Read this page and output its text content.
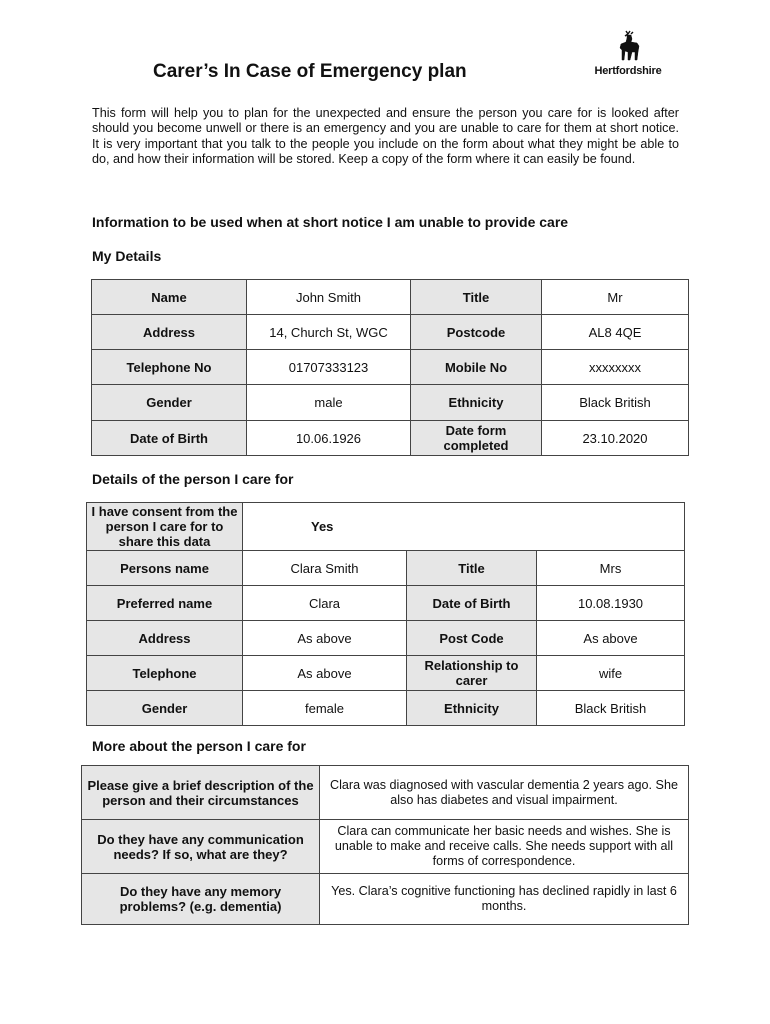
Carer’s In Case of Emergency plan	Hertfordshire
This form will help you to plan for the unexpected and ensure the person you care for is looked after should you become unwell or there is an emergency and you are unable to care for them at short notice. It is very important that you talk to the people you include on the form about what they might be able to do, and how their information will be stored. Keep a copy of the form where it can easily be found.
Information to be used when at short notice I am unable to provide care
My Details
Name	John Smith	Title	Mr
Address	14, Church St, WGC	Postcode	AL8 4QE
Telephone No	01707333123	Mobile No	xxxxxxxx
Gender	male	Ethnicity	Black British
Date of Birth	10.06.1926	Date form completed	23.10.2020
Details of the person I care for
I have consent from the person I care for to share this data	Yes		
Persons name	Clara Smith	Title	Mrs
Preferred name	Clara	Date of Birth	10.08.1930
Address	As above	Post Code	As above
Telephone	As above	Relationship to carer	wife
Gender	female	Ethnicity	Black British
More about the person I care for
Please give a brief description of the person and their circumstances	Clara was diagnosed with vascular dementia 2 years ago. She also has diabetes and visual impairment.
Do they have any communication needs? If so, what are they?	Clara can communicate her basic needs and wishes. She is unable to make and receive calls. She needs support with all forms of correspondence.
Do they have any memory problems? (e.g. dementia)	Yes. Clara’s cognitive functioning has declined rapidly in last 6 months.
